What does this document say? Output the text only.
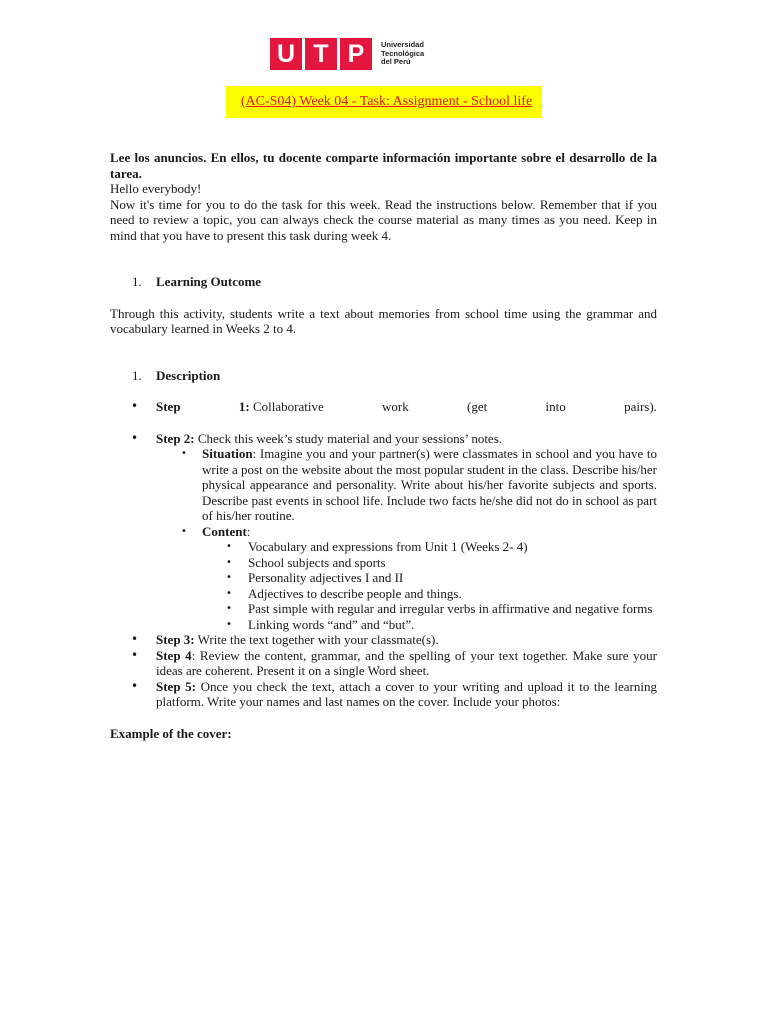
U T P	Universidad
Tecnológica
del Perú
(AC-S04) Week 04 - Task: Assignment - School life

Lee los anuncios. En ellos, tu docente comparte información importante sobre el desarrollo de la tarea.

Hello everybody!

Now it's time for you to do the task for this week. Read the instructions below. Remember that if you need to review a topic, you can always check the course material as many times as you need. Keep in mind that you have to present this task during week 4.

1. Learning Outcome

Through this activity, students write a text about memories from school time using the grammar and vocabulary learned in Weeks 2 to 4.

1. Description
• Step	1: Collaborative	work	(get	into	pairs).
• Step 2: Check this week’s study material and your sessions’ notes.
• Situation: Imagine you and your partner(s) were classmates in school and you have to write a post on the website about the most popular student in the class. Describe his/her physical appearance and personality. Write about his/her favorite subjects and sports. Describe past events in school life. Include two facts he/she did not do in school as part of his/her routine.
• Content:
• Vocabulary and expressions from Unit 1 (Weeks 2- 4)
• School subjects and sports
• Personality adjectives I and II
• Adjectives to describe people and things.
• Past simple with regular and irregular verbs in affirmative and negative forms
• Linking words “and” and “but”.
• Step 3: Write the text together with your classmate(s).
• Step 4: Review the content, grammar, and the spelling of your text together. Make sure your ideas are coherent. Present it on a single Word sheet.
• Step 5: Once you check the text, attach a cover to your writing and upload it to the learning platform. Write your names and last names on the cover. Include your photos:

Example of the cover:
